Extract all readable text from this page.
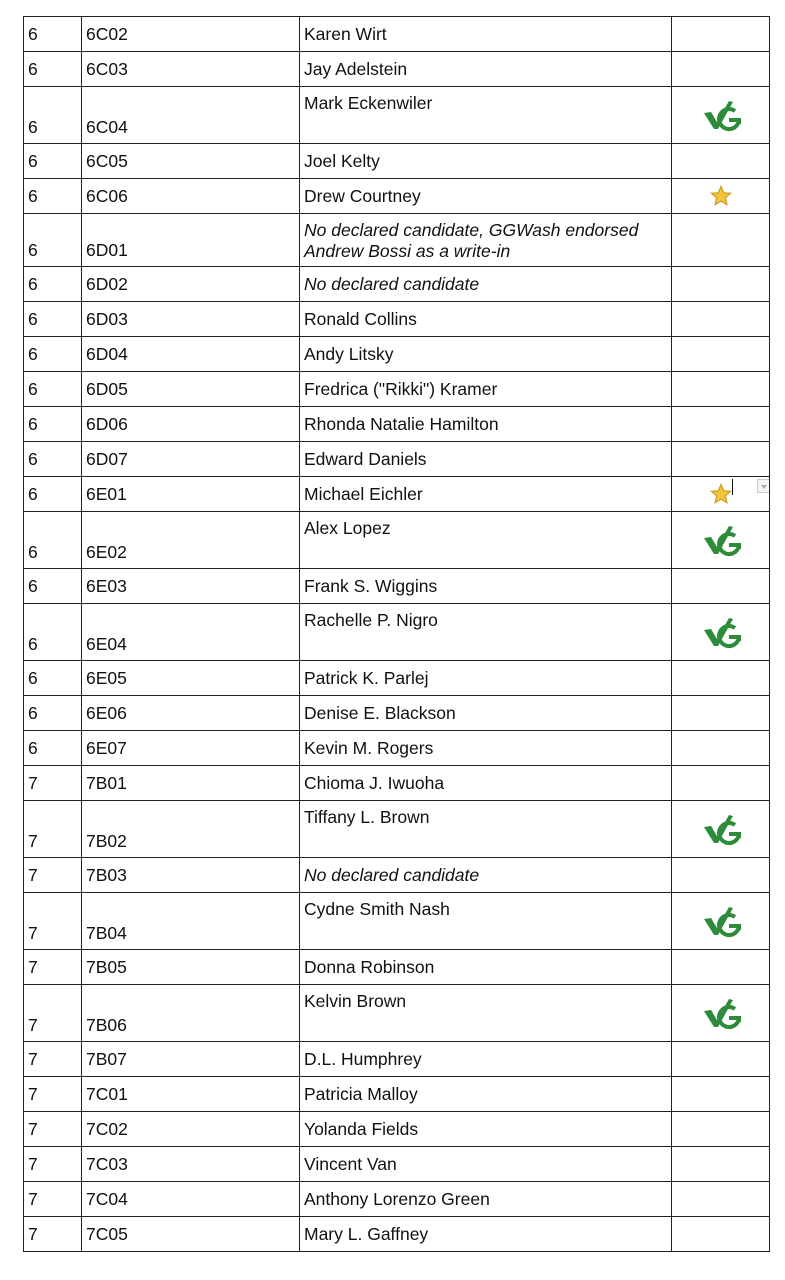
6	6C02	Karen Wirt	
6	6C03	Jay Adelstein	
6	6C04	Mark Eckenwiler	

6	6C05	Joel Kelty	
6	6C06	Drew Courtney	

6	6D01	No declared candidate, GGWash endorsed Andrew Bossi as a write-in	
6	6D02	No declared candidate	
6	6D03	Ronald Collins	
6	6D04	Andy Litsky	
6	6D05	Fredrica ("Rikki") Kramer	
6	6D06	Rhonda Natalie Hamilton	
6	6D07	Edward Daniels	
6	6E01	Michael Eichler	

6	6E02	Alex Lopez	

6	6E03	Frank S. Wiggins	
6	6E04	Rachelle P. Nigro	

6	6E05	Patrick K. Parlej	
6	6E06	Denise E. Blackson	
6	6E07	Kevin M. Rogers	
7	7B01	Chioma J. Iwuoha	
7	7B02	Tiffany L. Brown	

7	7B03	No declared candidate	
7	7B04	Cydne Smith Nash	

7	7B05	Donna Robinson	
7	7B06	Kelvin Brown	

7	7B07	D.L. Humphrey	
7	7C01	Patricia Malloy	
7	7C02	Yolanda Fields	
7	7C03	Vincent Van	
7	7C04	Anthony Lorenzo Green	
7	7C05	Mary L. Gaffney	
